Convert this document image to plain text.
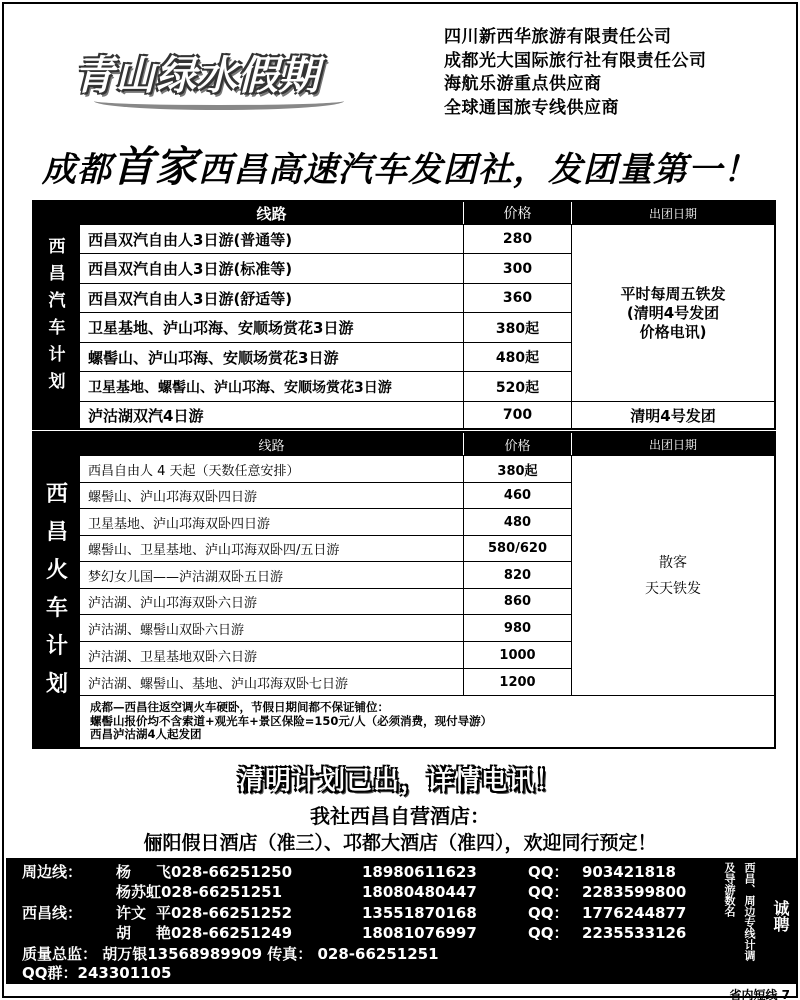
青山绿水假期
四川新西华旅游有限责任公司
成都光大国际旅行社有限责任公司
海航乐游重点供应商
全球通国旅专线供应商
成都首家西昌高速汽车发团社，发团量第一！
西
昌
汽
车
计
划
线路	价格	出团日期
西昌双汽自由人3日游(普通等)	280
西昌双汽自由人3日游(标准等)	300
西昌双汽自由人3日游(舒适等)	360
卫星基地、泸山邛海、安顺场赏花3日游	380起
螺髻山、泸山邛海、安顺场赏花3日游	480起
卫星基地、螺髻山、泸山邛海、安顺场赏花3日游	520起
泸沽湖双汽4日游	700
平时每周五铁发
(清明4号发团
价格电讯)
清明4号发团
西
昌
火
车
计
划
线路	价格	出团日期
西昌自由人 4 天起（天数任意安排）	380起
螺髻山、泸山邛海双卧四日游	460
卫星基地、泸山邛海双卧四日游	480
螺髻山、卫星基地、泸山邛海双卧四/五日游	580/620
梦幻女儿国——泸沽湖双卧五日游	820
泸沽湖、泸山邛海双卧六日游	860
泸沽湖、螺髻山双卧六日游	980
泸沽湖、卫星基地双卧六日游	1000
泸沽湖、螺髻山、基地、泸山邛海双卧七日游	1200
散客
天天铁发
成都—西昌往返空调火车硬卧，节假日期间都不保证铺位：
螺髻山报价均不含索道+观光车+景区保险=150元/人（必须消费，现付导游）
西昌泸沽湖4人起发团
清明计划已出，详情电讯！
我社西昌自营酒店：
俪阳假日酒店（准三）、邛都大酒店（准四），欢迎同行预定！
周边线： 杨 飞028-66251250	18980611623	QQ： 903421818
杨苏虹028-66251251	18080480447	QQ： 2283599800
西昌线： 许文 平028-66251252	13551870168	QQ： 1776244877
胡 艳028-66251249	18081076997	QQ： 2235533126
质量总监： 胡万银13568989909 传真： 028-66251251
QQ群：243301105
及导游数名 西昌、周边专线计调 诚聘
省内短线 7
